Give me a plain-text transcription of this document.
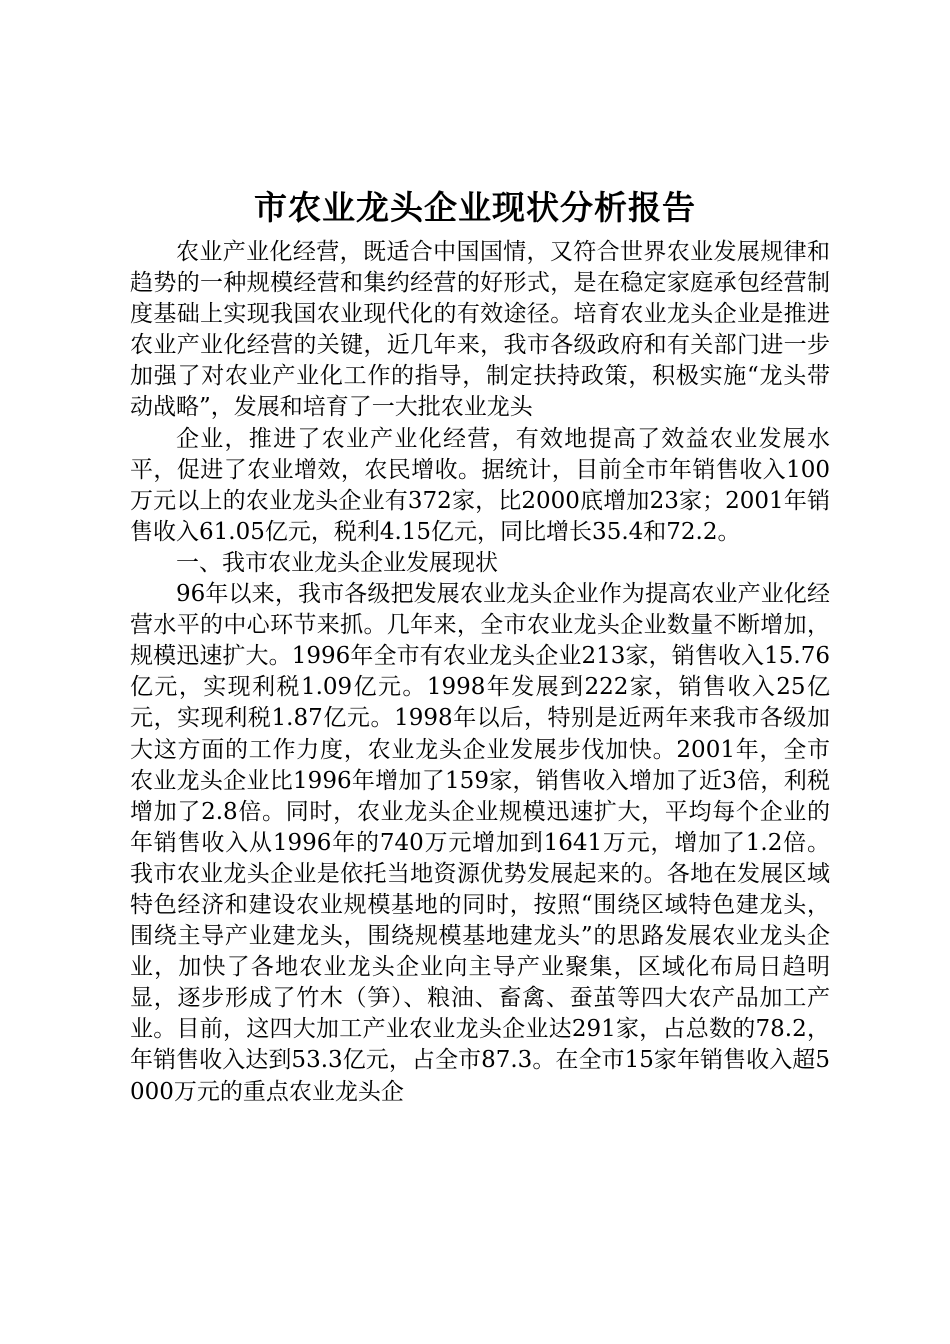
市农业龙头企业现状分析报告

农业产业化经营，既适合中国国情，又符合世界农业发展规律和趋势的一种规模经营和集约经营的好形式，是在稳定家庭承包经营制度基础上实现我国农业现代化的有效途径。培育农业龙头企业是推进农业产业化经营的关键，近几年来，我市各级政府和有关部门进一步加强了对农业产业化工作的指导，制定扶持政策，积极实施“龙头带动战略”，发展和培育了一大批农业龙头

企业，推进了农业产业化经营，有效地提高了效益农业发展水平，促进了农业增效，农民增收。据统计，目前全市年销售收入100万元以上的农业龙头企业有372家，比2000底增加23家；2001年销售收入61.05亿元，税利4.15亿元，同比增长35.4和72.2。

一、我市农业龙头企业发展现状

96年以来，我市各级把发展农业龙头企业作为提高农业产业化经营水平的中心环节来抓。几年来，全市农业龙头企业数量不断增加，规模迅速扩大。1996年全市有农业龙头企业213家，销售收入15.76亿元，实现利税1.09亿元。1998年发展到222家，销售收入25亿元，实现利税1.87亿元。1998年以后，特别是近两年来我市各级加大这方面的工作力度，农业龙头企业发展步伐加快。2001年，全市农业龙头企业比1996年增加了159家，销售收入增加了近3倍，利税增加了2.8倍。同时，农业龙头企业规模迅速扩大，平均每个企业的年销售收入从1996年的740万元增加到1641万元，增加了1.2倍。我市农业龙头企业是依托当地资源优势发展起来的。各地在发展区域特色经济和建设农业规模基地的同时，按照“围绕区域特色建龙头，围绕主导产业建龙头，围绕规模基地建龙头”的思路发展农业龙头企业，加快了各地农业龙头企业向主导产业聚集，区域化布局日趋明显，逐步形成了竹木（笋）、粮油、畜禽、蚕茧等四大农产品加工产业。目前，这四大加工产业农业龙头企业达291家，占总数的78.2，年销售收入达到53.3亿元，占全市87.3。在全市15家年销售收入超5000万元的重点农业龙头企
